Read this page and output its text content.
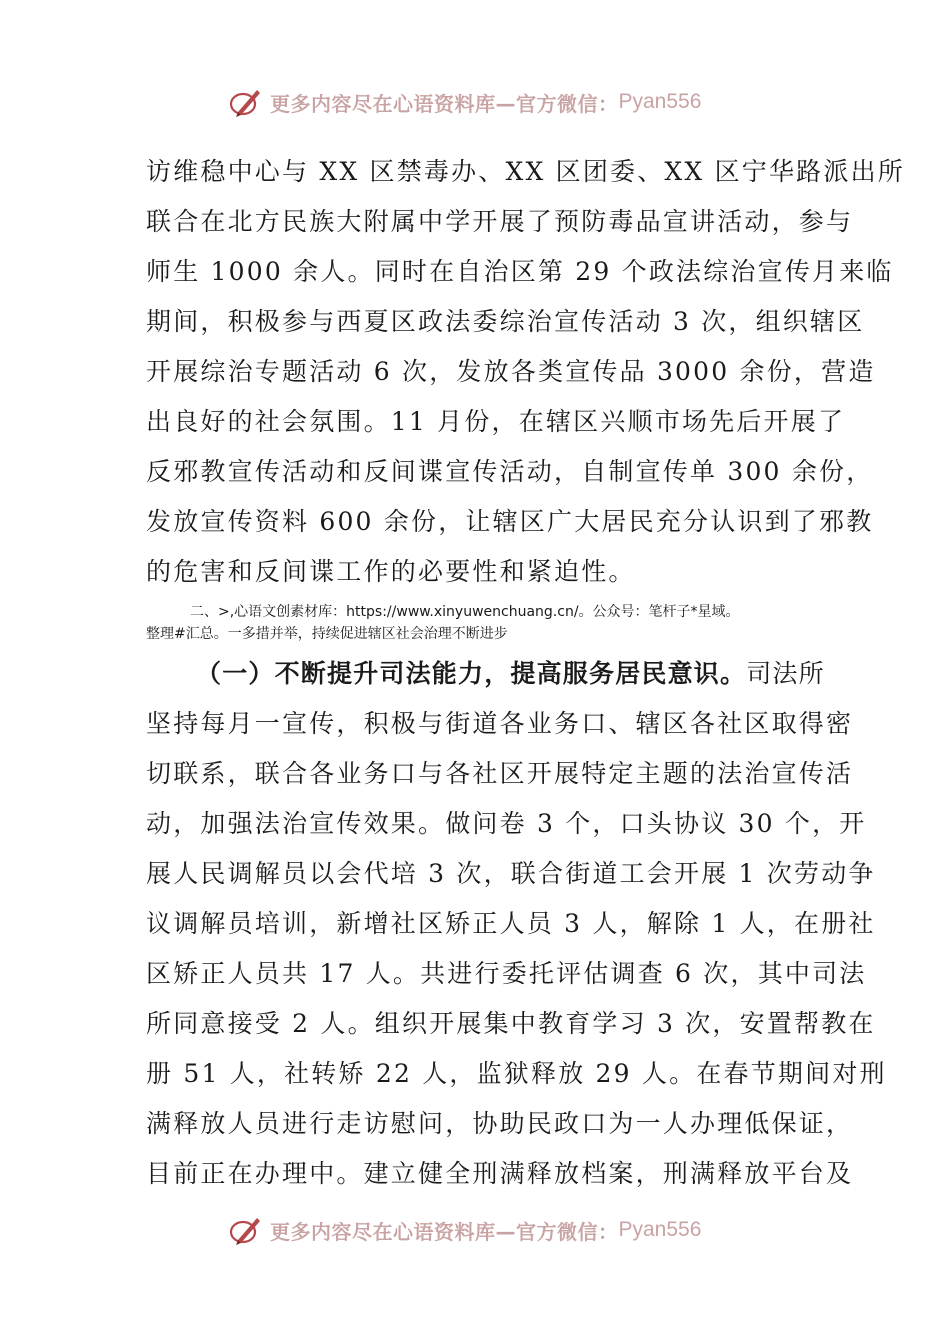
更多内容尽在心语资料库—官方微信： Pyan556
访维稳中心与 XX 区禁毒办、XX 区团委、XX 区宁华路派出所
联合在北方民族大附属中学开展了预防毒品宣讲活动，参与
师生 1000 余人。同时在自治区第 29 个政法综治宣传月来临
期间，积极参与西夏区政法委综治宣传活动 3 次，组织辖区
开展综治专题活动 6 次，发放各类宣传品 3000 余份，营造
出良好的社会氛围。11 月份，在辖区兴顺市场先后开展了
反邪教宣传活动和反间谍宣传活动，自制宣传单 300 余份，
发放宣传资料 600 余份，让辖区广大居民充分认识到了邪教
的危害和反间谍工作的必要性和紧迫性。
二、>,心语文创素材库：https://www.xinyuwenchuang.cn/。公众号：笔杆子*星域。
整理#汇总。一多措并举，持续促进辖区社会治理不断进步
（一）不断提升司法能力，提高服务居民意识。司法所
坚持每月一宣传，积极与街道各业务口、辖区各社区取得密
切联系，联合各业务口与各社区开展特定主题的法治宣传活
动，加强法治宣传效果。做问卷 3 个，口头协议 30 个，开
展人民调解员以会代培 3 次，联合街道工会开展 1 次劳动争
议调解员培训，新增社区矫正人员 3 人，解除 1 人，在册社
区矫正人员共 17 人。共进行委托评估调查 6 次，其中司法
所同意接受 2 人。组织开展集中教育学习 3 次，安置帮教在
册 51 人，社转矫 22 人，监狱释放 29 人。在春节期间对刑
满释放人员进行走访慰问，协助民政口为一人办理低保证，
目前正在办理中。建立健全刑满释放档案，刑满释放平台及
更多内容尽在心语资料库—官方微信： Pyan556
